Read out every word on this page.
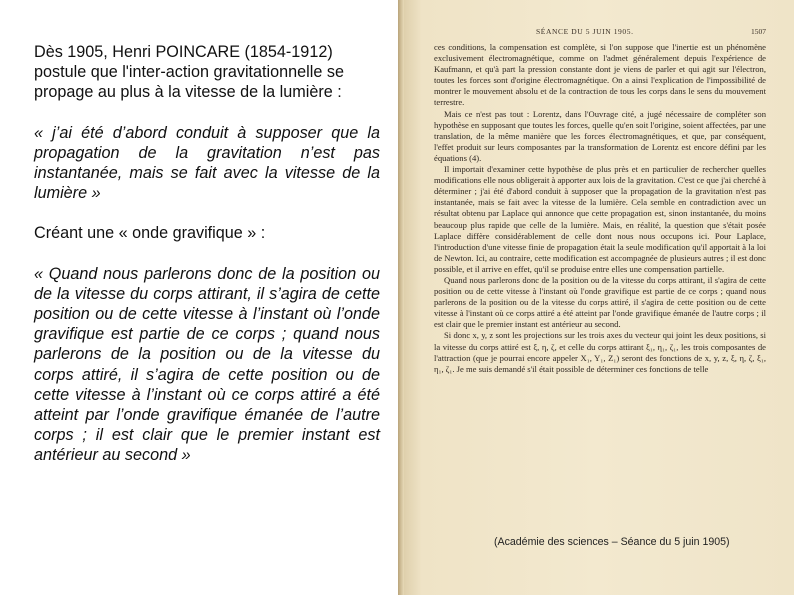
Dès 1905, Henri POINCARE (1854-1912) postule que l'inter-action gravitationnelle se propage au plus à la vitesse de la lumière :

« j’ai été d’abord conduit à supposer que la propagation de la gravitation n’est pas instantanée, mais se fait avec la vitesse de la lumière »

Créant une « onde gravifique » :

« Quand nous parlerons donc de la position ou de la vitesse du corps attirant, il s’agira de cette position ou de cette vitesse à l’instant où l’onde gravifique est partie de ce corps ; quand nous parlerons de la position ou de la vitesse du corps attiré, il s’agira de cette position ou de cette vitesse à l’instant où ce corps attiré a été atteint par l’onde gravifique émanée de l’autre corps ; il est clair que le premier instant est antérieur au second »

SÉANCE DU 5 JUIN 1905.	1507

ces conditions, la compensation est complète, si l'on suppose que l'inertie est un phénomène exclusivement électromagnétique, comme on l'admet généralement depuis l'expérience de Kaufmann, et qu'à part la pression constante dont je viens de parler et qui agit sur l'électron, toutes les forces sont d'origine électromagnétique. On a ainsi l'explication de l'impossibilité de montrer le mouvement absolu et de la contraction de tous les corps dans le sens du mouvement terrestre.

Mais ce n'est pas tout : Lorentz, dans l'Ouvrage cité, a jugé nécessaire de compléter son hypothèse en supposant que toutes les forces, quelle qu'en soit l'origine, soient affectées, par une translation, de la même manière que les forces électromagnétiques, et que, par conséquent, l'effet produit sur leurs composantes par la transformation de Lorentz est encore défini par les équations (4).

Il importait d'examiner cette hypothèse de plus près et en particulier de rechercher quelles modifications elle nous obligerait à apporter aux lois de la gravitation. C'est ce que j'ai cherché à déterminer ; j'ai été d'abord conduit à supposer que la propagation de la gravitation n'est pas instantanée, mais se fait avec la vitesse de la lumière. Cela semble en contradiction avec un résultat obtenu par Laplace qui annonce que cette propagation est, sinon instantanée, du moins beaucoup plus rapide que celle de la lumière. Mais, en réalité, la question que s'était posée Laplace diffère considérablement de celle dont nous nous occupons ici. Pour Laplace, l'introduction d'une vitesse finie de propagation était la seule modification qu'il apportait à la loi de Newton. Ici, au contraire, cette modification est accompagnée de plusieurs autres ; il est donc possible, et il arrive en effet, qu'il se produise entre elles une compensation partielle.

Quand nous parlerons donc de la position ou de la vitesse du corps attirant, il s'agira de cette position ou de cette vitesse à l'instant où l'onde gravifique est partie de ce corps ; quand nous parlerons de la position ou de la vitesse du corps attiré, il s'agira de cette position ou de cette vitesse à l'instant où ce corps attiré a été atteint par l'onde gravifique émanée de l'autre corps ; il est clair que le premier instant est antérieur au second.

Si donc x, y, z sont les projections sur les trois axes du vecteur qui joint les deux positions, si la vitesse du corps attiré est ξ, η, ζ, et celle du corps attirant ξ₁, η₁, ζ₁, les trois composantes de l'attraction (que je pourrai encore appeler X₁, Y₁, Z₁) seront des fonctions de x, y, z, ξ, η, ζ, ξ₁, η₁, ζ₁. Je me suis demandé s'il était possible de déterminer ces fonctions de telle

(Académie des sciences – Séance du 5 juin 1905)
